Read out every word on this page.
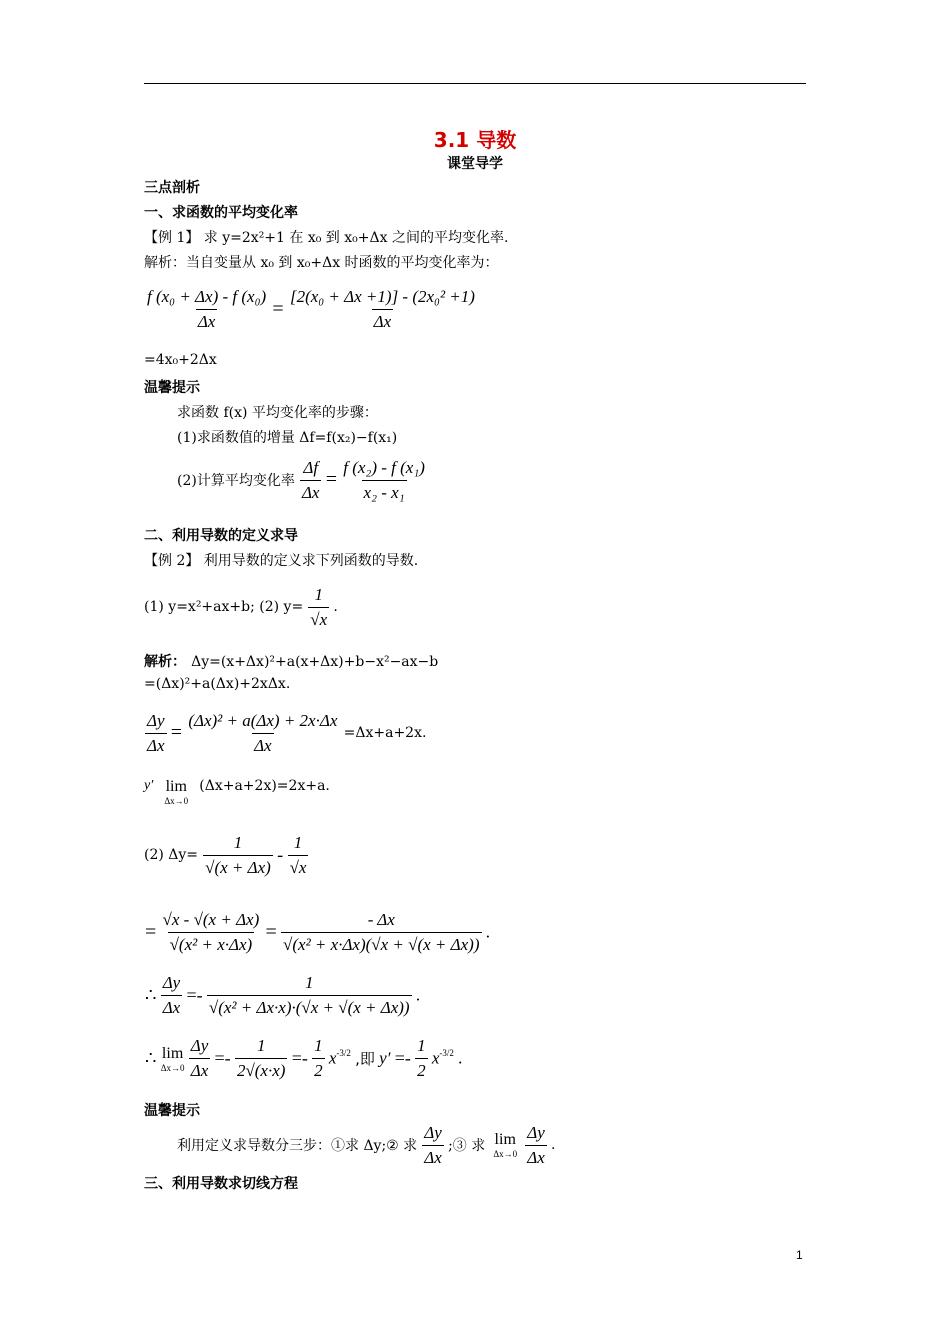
3.1 导数
课堂导学
三点剖析
一、求函数的平均变化率
【例 1】 求 y=2x²+1 在 x₀ 到 x₀+Δx 之间的平均变化率.
解析：当自变量从 x₀ 到 x₀+Δx 时函数的平均变化率为：
$\frac{\text{f (x₀ + Δx) - f (x₀)}}{\Delta x} = \frac{\text{[2(x₀ + Δx +1)] - (2x₀² +1)}}{\Delta x}$
=4x₀+2Δx
温馨提示
求函数 f(x) 平均变化率的步骤：
(1)求函数值的增量 Δf=f(x₂)−f(x₁)
(2)计算平均变化率 $\frac{\Delta f}{\Delta x} = \frac{\text{f (x₂) - f (x₁)}}{\text{x₂ - x₁}}$
二、利用导数的定义求导
【例 2】 利用导数的定义求下列函数的导数.
(1) y=x²+ax+b; (2) $y= \frac{1}{√x}$ .
解析： Δy=(x+Δx)²+a(x+Δx)+b−x²−ax−b
=(Δx)²+a(Δx)+2xΔx.
$\frac{\Delta y}{\Delta x} = \frac{\text{(Δx)² + a(Δx) + 2x·Δx}}{\Delta x} =\Delta x+a+2x$.
y′ lim
Δx→0
(Δx+a+2x)=2x+a.
(2) $\Delta y= \frac{1}{√(x + \Delta x)} - \frac{1}{√x}$
= $\frac{√x - √(x + \Delta x)}{\text{√(x² + x·Δx)}} = \frac{- \Delta x}{\text{√(x² + x·Δx)(√x + √(x + Δx))}}$ .
∴ $\frac{\Delta y}{\Delta x} =- \frac{1}{\text{√(x² + Δx·x)·(√x + √(x + Δx))}}$ .
∴ lim
Δx→0
$\frac{\Delta y}{\Delta x} =- \frac{1}{2√(x\cdot x)} =- \frac{1}{2} x^{-3/2}$ ,即 $y' =- \frac{1}{2} x^{-3/2}$ .
温馨提示
利用定义求导数分三步：①求 Δy;② 求 $\frac{\Delta y}{\Delta x}$ ;③ 求 lim
Δx→0
$\frac{\Delta y}{\Delta x}$ .
三、利用导数求切线方程
1
